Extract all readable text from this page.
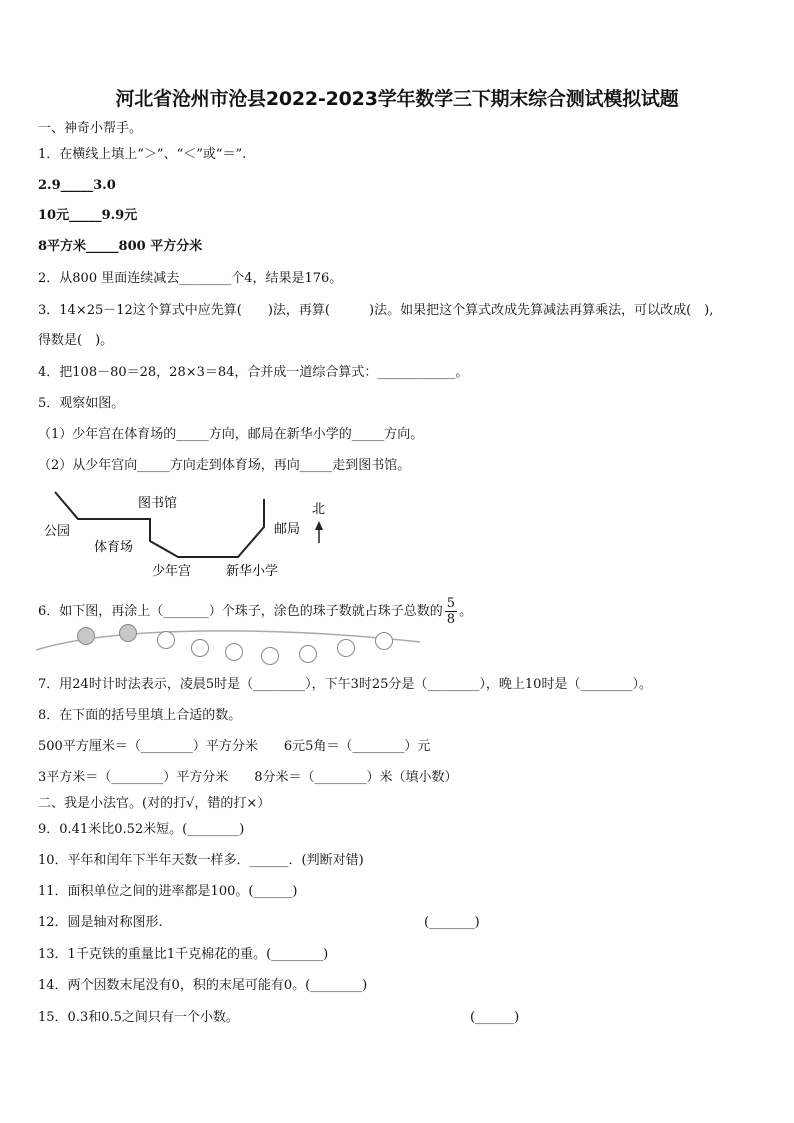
河北省沧州市沧县2022-2023学年数学三下期末综合测试模拟试题
一、神奇小帮手。
1．在横线上填上“＞”、“＜”或“＝”.
2.9_____3.0
10元_____9.9元
8平方米_____800 平方分米
2．从800 里面连续减去________个4，结果是176。
3．14×25－12这个算式中应先算(　　)法，再算(　　　)法。如果把这个算式改成先算减法再算乘法，可以改成(　),
得数是(　)。
4．把108－80＝28，28×3＝84，合并成一道综合算式：____________。
5．观察如图。
（1）少年宫在体育场的_____方向，邮局在新华小学的_____方向。
（2）从少年宫向_____方向走到体育场，再向_____走到图书馆。
公园
图书馆
体育场
少年宫	新华小学
邮局
北
6．如下图，再涂上（_______）个珠子，涂色的珠子数就占珠子总数的 $\frac{5}{8}$ 。
7．用24时计时法表示，凌晨5时是（________），下午3时25分是（________），晚上10时是（________）。
8．在下面的括号里填上合适的数。
500平方厘米＝（________）平方分米　　6元5角＝（________）元
3平方米＝（________）平方分米　　8分米＝（________）米（填小数）
二、我是小法官。(对的打√，错的打×）
9．0.41米比0.52米短。(________)
10．平年和闰年下半年天数一样多．______．(判断对错)
11．面积单位之间的进率都是100。(______)
12．圆是轴对称图形.	(_______)
13．1千克铁的重量比1千克棉花的重。(________)
14．两个因数末尾没有0，积的末尾可能有0。(________)
15．0.3和0.5之间只有一个小数。	(______)
